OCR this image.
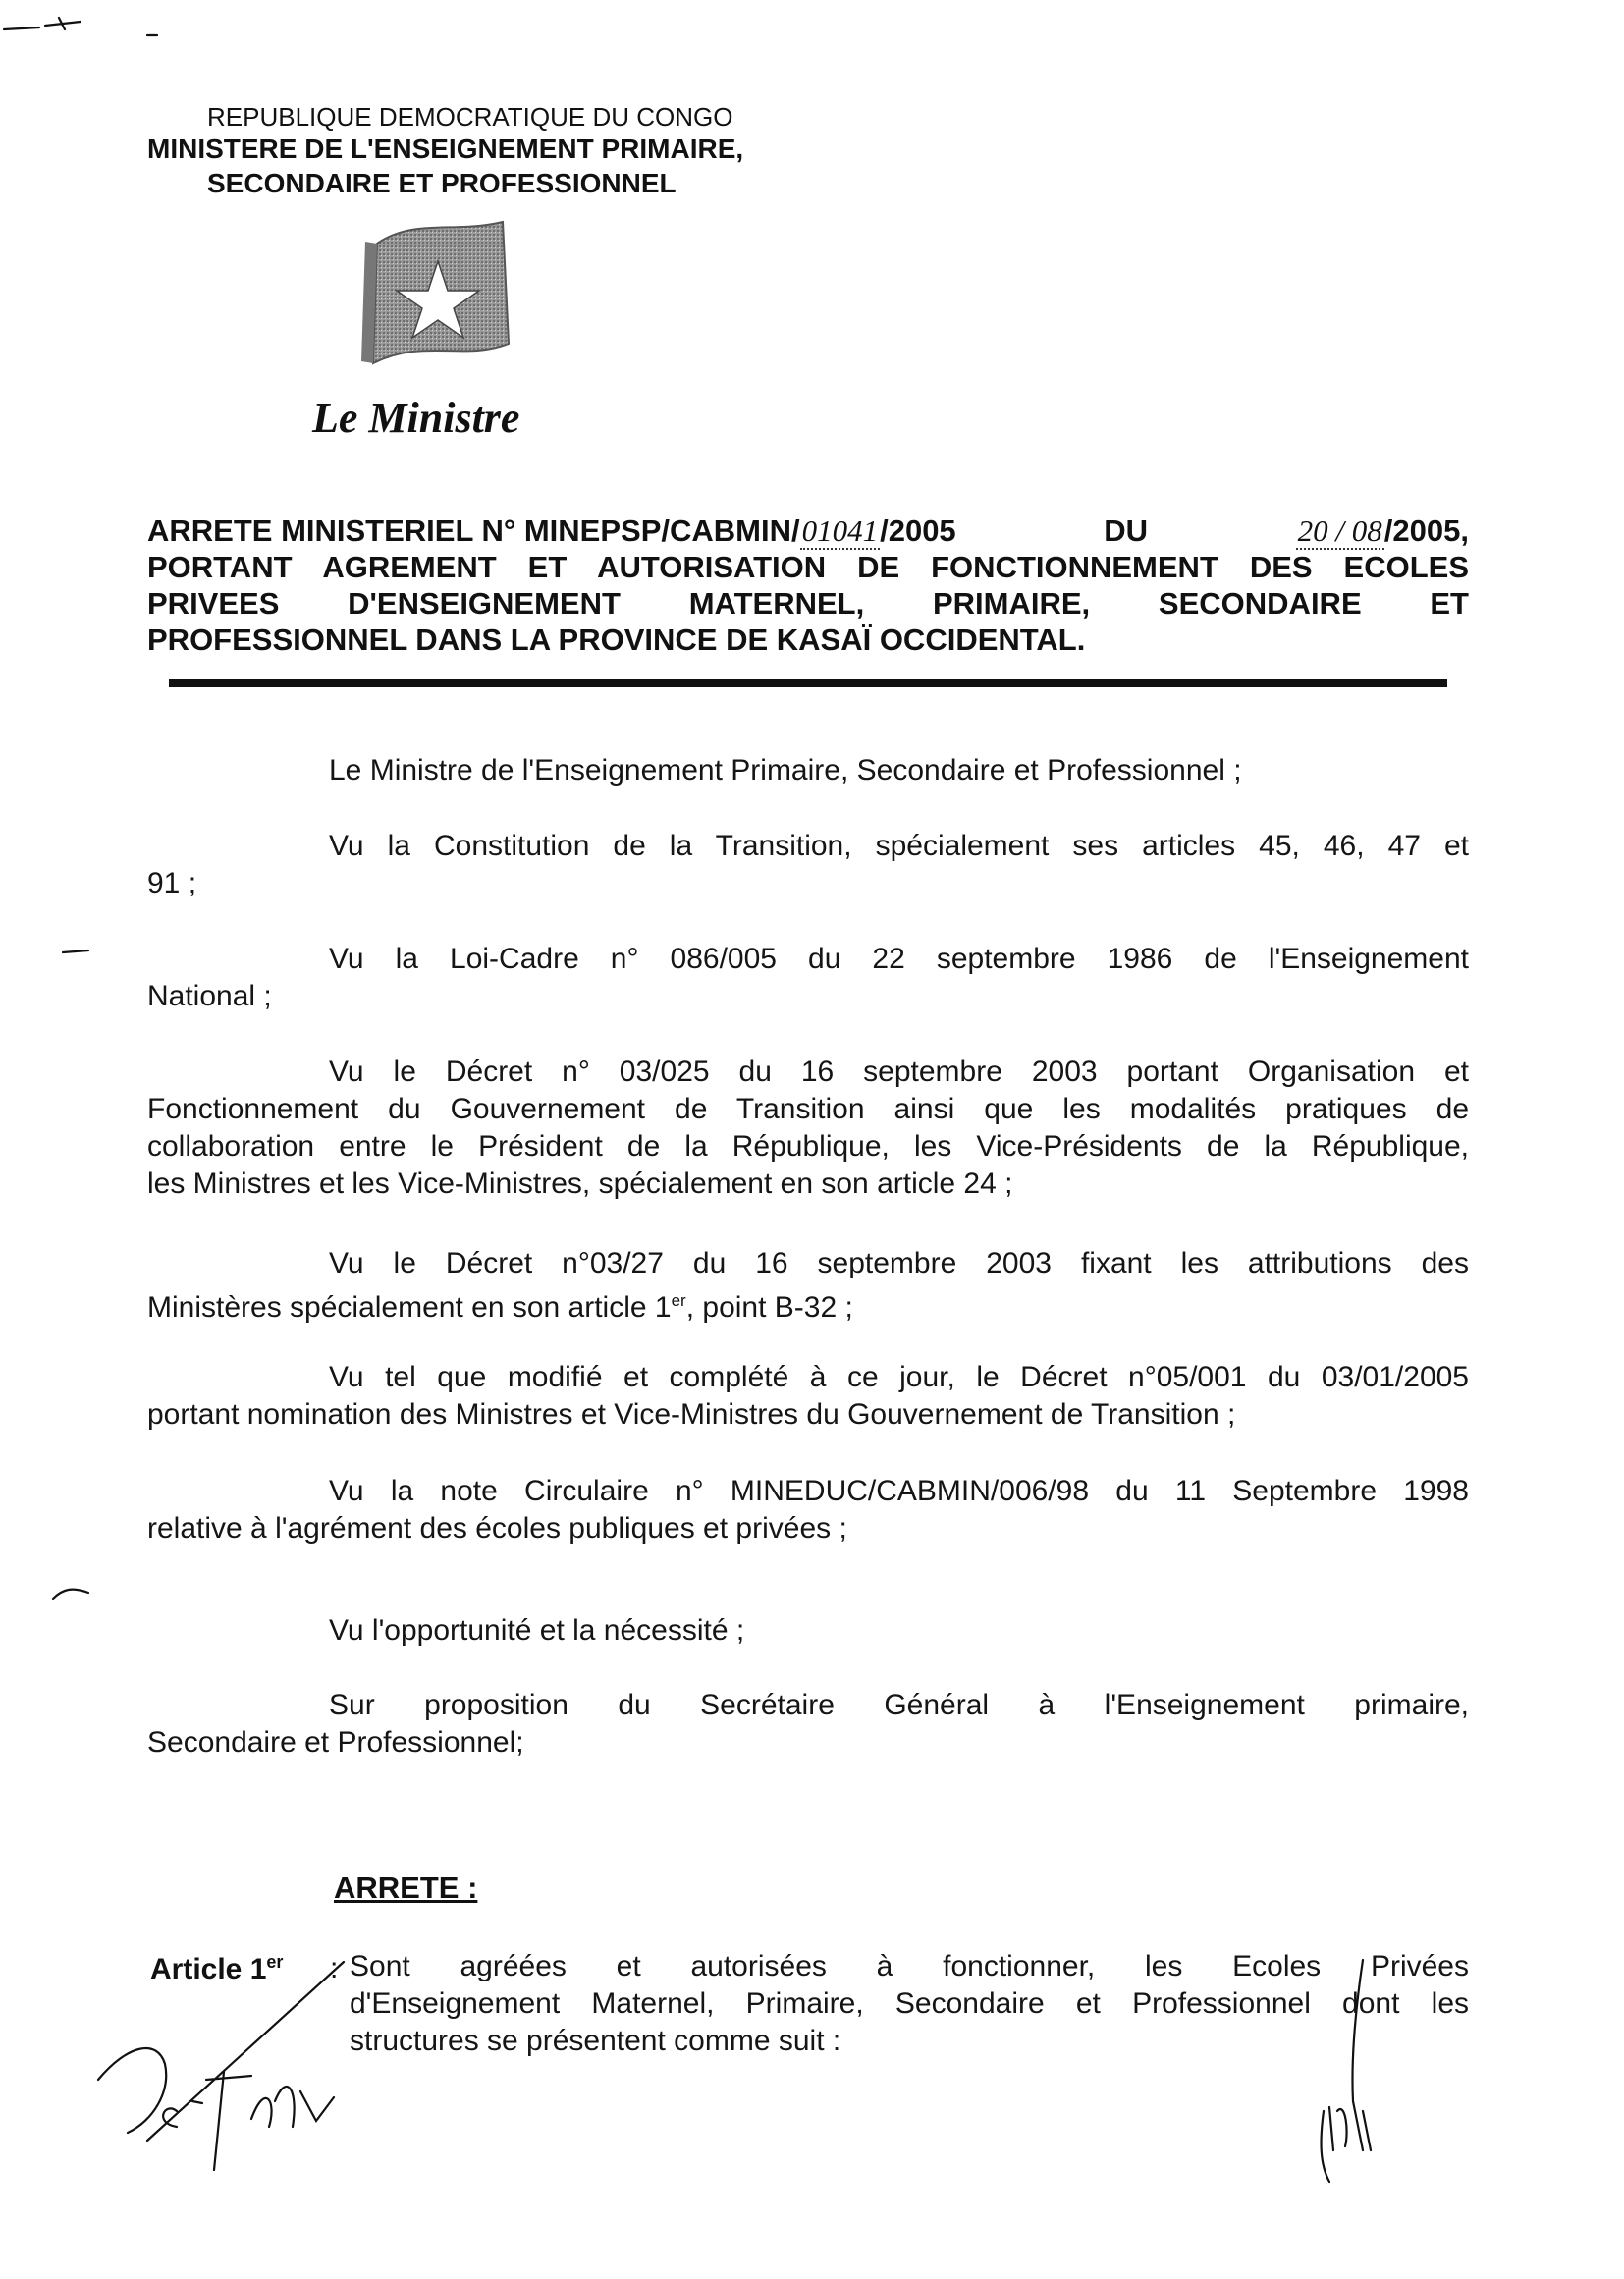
REPUBLIQUE DEMOCRATIQUE DU CONGO
MINISTERE DE L'ENSEIGNEMENT PRIMAIRE,
SECONDAIRE ET PROFESSIONNEL
Le Ministre
ARRETE MINISTERIEL N° MINEPSP/CABMIN/01041/2005	DU	20 / 08/2005,
PORTANT AGREMENT ET AUTORISATION DE FONCTIONNEMENT DES ECOLES
PRIVEES D'ENSEIGNEMENT MATERNEL, PRIMAIRE, SECONDAIRE ET
PROFESSIONNEL DANS LA PROVINCE DE KASAÏ OCCIDENTAL.
Le Ministre de l'Enseignement Primaire, Secondaire et Professionnel ;
Vu la Constitution de la Transition, spécialement ses articles 45, 46, 47 et
91 ;
Vu la Loi-Cadre n° 086/005 du 22 septembre 1986 de l'Enseignement
National ;
Vu le Décret n° 03/025 du 16 septembre 2003 portant Organisation et
Fonctionnement du Gouvernement de Transition ainsi que les modalités pratiques de
collaboration entre le Président de la République, les Vice-Présidents de la République,
les Ministres et les Vice-Ministres, spécialement en son article 24 ;
Vu le Décret n°03/27 du 16 septembre 2003 fixant les attributions des
Ministères spécialement en son article 1er, point B-32 ;
Vu tel que modifié et complété à ce jour, le Décret n°05/001 du 03/01/2005
portant nomination des Ministres et Vice-Ministres du Gouvernement de Transition ;
Vu la note Circulaire n° MINEDUC/CABMIN/006/98 du 11 Septembre 1998
relative à l'agrément des écoles publiques et privées ;
Vu l'opportunité et la nécessité ;
Sur proposition du Secrétaire Général à l'Enseignement primaire,
Secondaire et Professionnel;
ARRETE :
Article 1er : Sont agréées et autorisées à fonctionner, les Ecoles Privées
d'Enseignement Maternel, Primaire, Secondaire et Professionnel dont les
structures se présentent comme suit :
